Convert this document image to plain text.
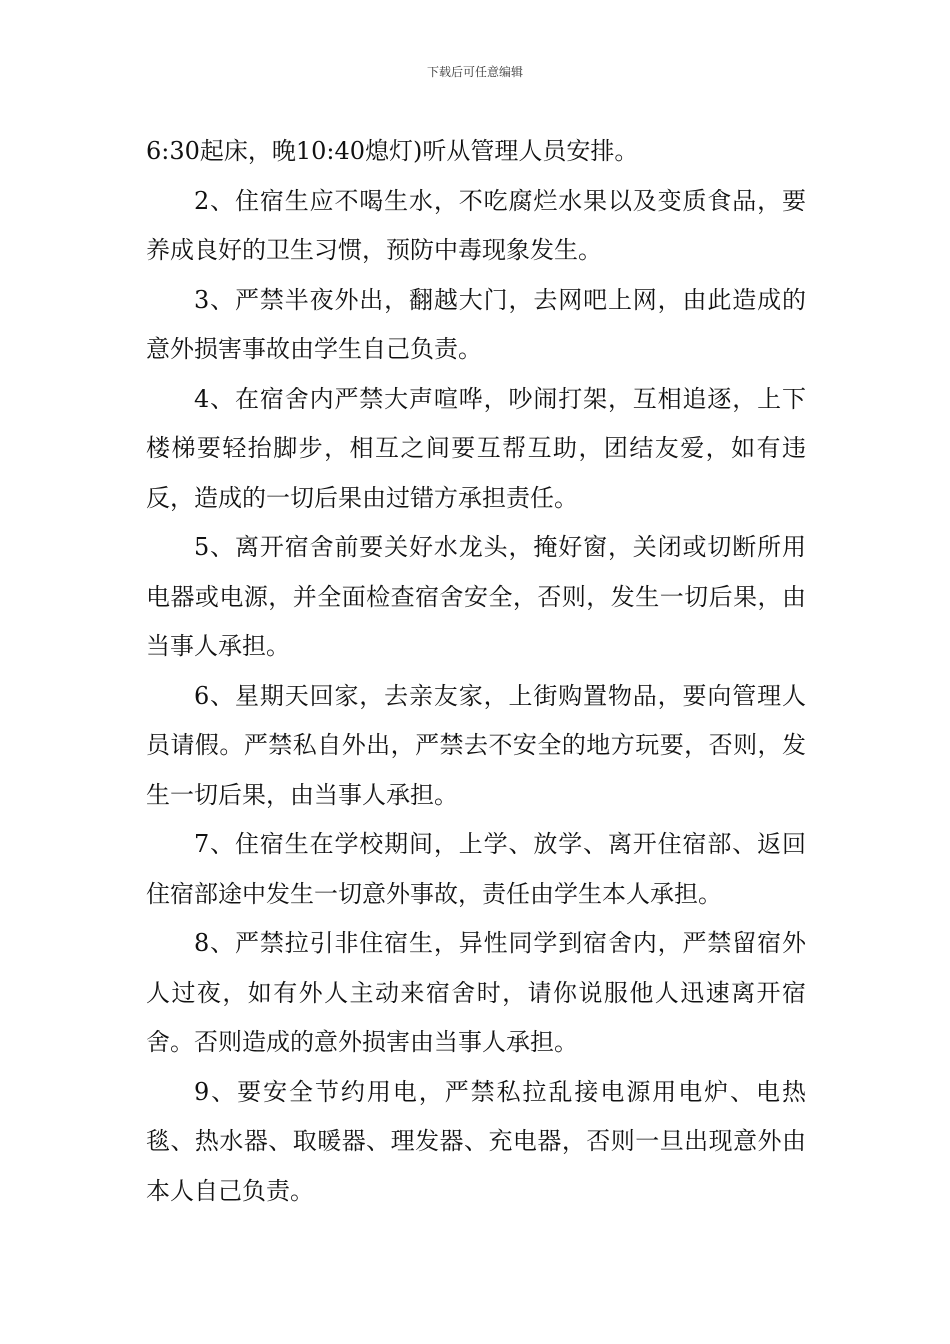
下载后可任意编辑

6:30起床，晚10:40熄灯)听从管理人员安排。

2、住宿生应不喝生水，不吃腐烂水果以及变质食品，要养成良好的卫生习惯，预防中毒现象发生。

3、严禁半夜外出，翻越大门，去网吧上网，由此造成的意外损害事故由学生自己负责。

4、在宿舍内严禁大声喧哗，吵闹打架，互相追逐，上下楼梯要轻抬脚步，相互之间要互帮互助，团结友爱，如有违反，造成的一切后果由过错方承担责任。

5、离开宿舍前要关好水龙头，掩好窗，关闭或切断所用电器或电源，并全面检查宿舍安全，否则，发生一切后果，由当事人承担。

6、星期天回家，去亲友家，上街购置物品，要向管理人员请假。严禁私自外出，严禁去不安全的地方玩要，否则，发生一切后果，由当事人承担。

7、住宿生在学校期间，上学、放学、离开住宿部、返回住宿部途中发生一切意外事故，责任由学生本人承担。

8、严禁拉引非住宿生，异性同学到宿舍内，严禁留宿外人过夜，如有外人主动来宿舍时，请你说服他人迅速离开宿舍。否则造成的意外损害由当事人承担。

9、要安全节约用电，严禁私拉乱接电源用电炉、电热毯、热水器、取暖器、理发器、充电器，否则一旦出现意外由本人自己负责。
